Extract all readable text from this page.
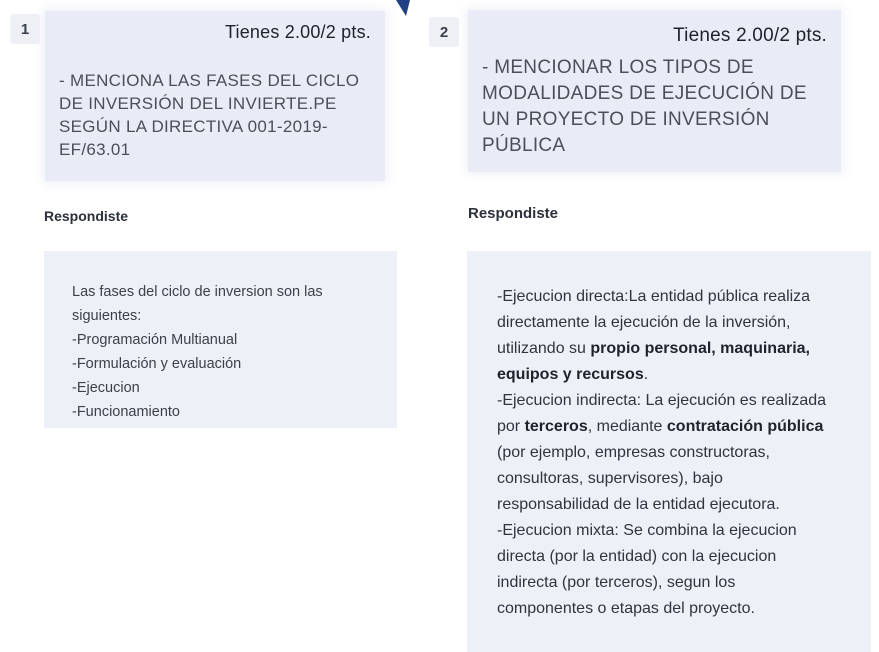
1	Tienes 2.00/2 pts.
- MENCIONA LAS FASES DEL CICLO
DE INVERSIÓN DEL INVIERTE.PE
SEGÚN LA DIRECTIVA 001-2019-
EF/63.01
Respondiste
Las fases del ciclo de inversion son las
siguientes:
-Programación Multianual
-Formulación y evaluación
-Ejecucion
-Funcionamiento
2	Tienes 2.00/2 pts.
- MENCIONAR LOS TIPOS DE
MODALIDADES DE EJECUCIÓN DE
UN PROYECTO DE INVERSIÓN
PÚBLICA
Respondiste
-Ejecucion directa:La entidad pública realiza
directamente la ejecución de la inversión,
utilizando su propio personal, maquinaria,
equipos y recursos.
-Ejecucion indirecta: La ejecución es realizada
por terceros, mediante contratación pública
(por ejemplo, empresas constructoras,
consultoras, supervisores), bajo
responsabilidad de la entidad ejecutora.
-Ejecucion mixta: Se combina la ejecucion
directa (por la entidad) con la ejecucion
indirecta (por terceros), segun los
componentes o etapas del proyecto.
